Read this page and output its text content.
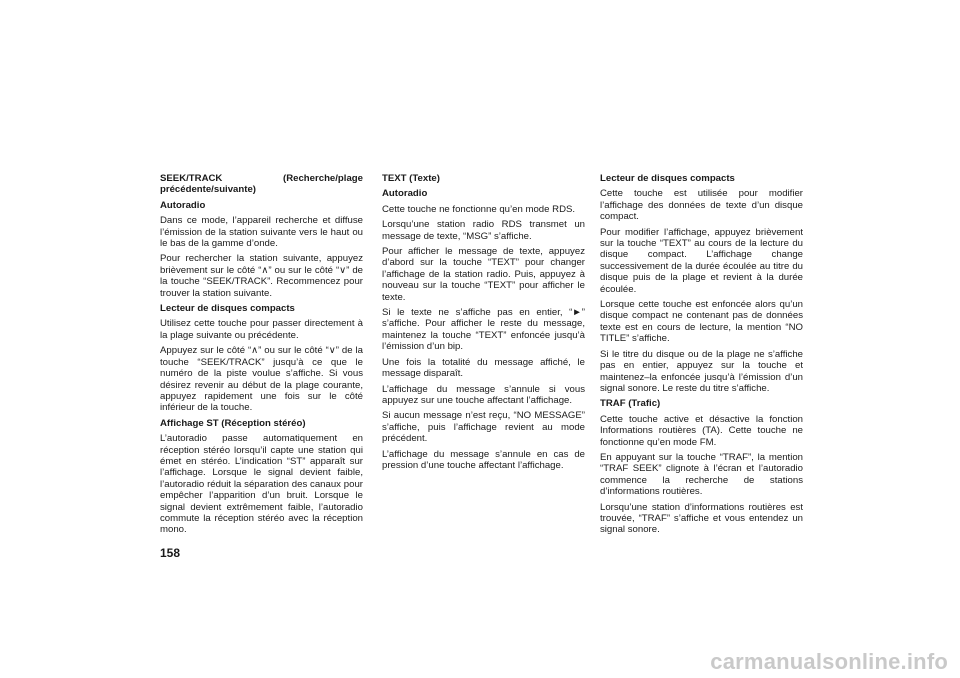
SEEK/TRACK (Recherche/plage précédente/suivante)
Autoradio

Dans ce mode, l’appareil recherche et diffuse l’émission de la station suivante vers le haut ou le bas de la gamme d’onde.

Pour rechercher la station suivante, appuyez brièvement sur le côté “∧” ou sur le côté “∨” de la touche “SEEK/TRACK”. Recommencez pour trouver la station suivante.

Lecteur de disques compacts

Utilisez cette touche pour passer directement à la plage suivante ou précédente.

Appuyez sur le côté “∧” ou sur le côté “∨” de la touche “SEEK/TRACK” jusqu’à ce que le numéro de la piste voulue s’affiche. Si vous désirez revenir au début de la plage courante, appuyez rapidement une fois sur le côté inférieur de la touche.

Affichage ST (Réception stéréo)

L’autoradio passe automatiquement en réception stéréo lorsqu’il capte une station qui émet en stéréo. L’indication “ST” apparaît sur l’affichage. Lorsque le signal devient faible, l’autoradio réduit la séparation des canaux pour empêcher l’apparition d’un bruit. Lorsque le signal devient extrêmement faible, l’autoradio commute la réception stéréo avec la réception mono.

TEXT (Texte)
Autoradio

Cette touche ne fonctionne qu’en mode RDS.

Lorsqu’une station radio RDS transmet un message de texte, “MSG” s’affiche.

Pour afficher le message de texte, appuyez d’abord sur la touche “TEXT” pour changer l’affichage de la station radio. Puis, appuyez à nouveau sur la touche “TEXT” pour afficher le texte.

Si le texte ne s’affiche pas en entier, “►” s’affiche. Pour afficher le reste du message, maintenez la touche “TEXT” enfoncée jusqu’à l’émission d’un bip.

Une fois la totalité du message affiché, le message disparaît.

L’affichage du message s’annule si vous appuyez sur une touche affectant l’affichage.

Si aucun message n’est reçu, “NO MESSAGE” s’affiche, puis l’affichage revient au mode précédent.

L’affichage du message s’annule en cas de pression d’une touche affectant l’affichage.

Lecteur de disques compacts

Cette touche est utilisée pour modifier l’affichage des données de texte d’un disque compact.

Pour modifier l’affichage, appuyez brièvement sur la touche “TEXT” au cours de la lecture du disque compact. L’affichage change successivement de la durée écoulée au titre du disque puis de la plage et revient à la durée écoulée.

Lorsque cette touche est enfoncée alors qu’un disque compact ne contenant pas de données texte est en cours de lecture, la mention “NO TITLE” s’affiche.

Si le titre du disque ou de la plage ne s’affiche pas en entier, appuyez sur la touche et maintenez–la enfoncée jusqu’à l’émission d’un signal sonore. Le reste du titre s’affiche.

TRAF (Trafic)

Cette touche active et désactive la fonction Informations routières (TA). Cette touche ne fonctionne qu’en mode FM.

En appuyant sur la touche “TRAF”, la mention “TRAF SEEK” clignote à l’écran et l’autoradio commence la recherche de stations d’informations routières.

Lorsqu’une station d’informations routières est trouvée, “TRAF” s’affiche et vous entendez un signal sonore.

158
carmanualsonline.info
